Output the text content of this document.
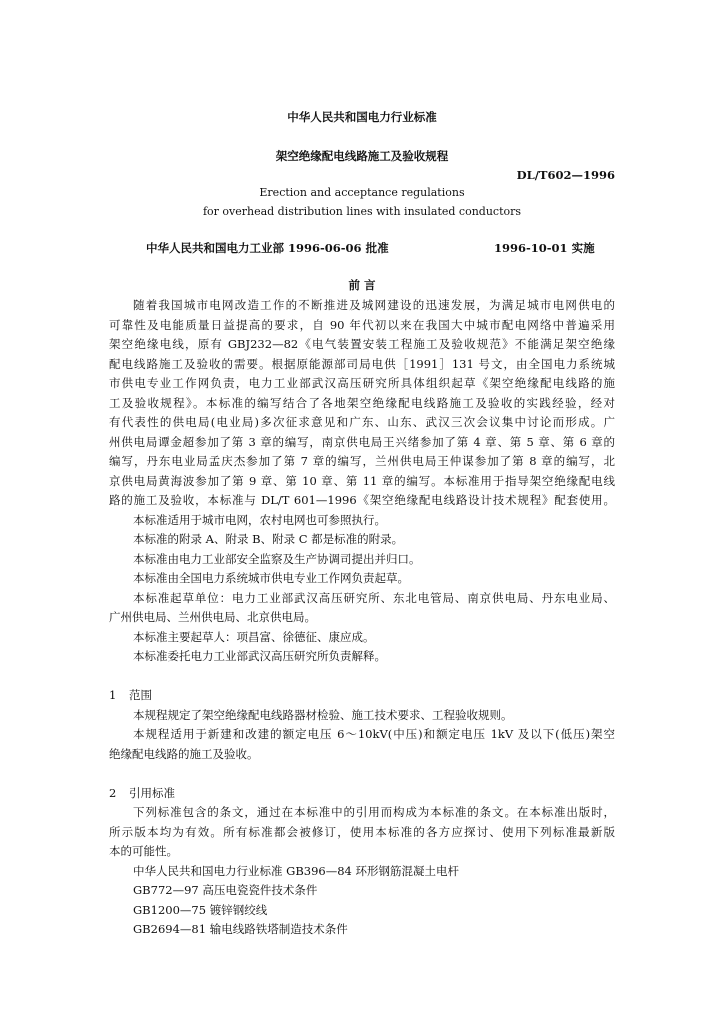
中华人民共和国电力行业标准
架空绝缘配电线路施工及验收规程
DL/T602—1996
Erection and acceptance regulations
for overhead distribution lines with insulated conductors
中华人民共和国电力工业部 1996-06-06 批准	1996-10-01 实施
前 言
随着我国城市电网改造工作的不断推进及城网建设的迅速发展，为满足城市电网供电的
可靠性及电能质量日益提高的要求，自 90 年代初以来在我国大中城市配电网络中普遍采用
架空绝缘电线，原有 GBJ232—82《电气装置安装工程施工及验收规范》不能满足架空绝缘
配电线路施工及验收的需要。根据原能源部司局电供［1991］131 号文，由全国电力系统城
市供电专业工作网负责，电力工业部武汉高压研究所具体组织起草《架空绝缘配电线路的施
工及验收规程》。本标准的编写结合了各地架空绝缘配电线路施工及验收的实践经验，经对
有代表性的供电局(电业局)多次征求意见和广东、山东、武汉三次会议集中讨论而形成。广
州供电局谭金超参加了第 3 章的编写，南京供电局王兴绪参加了第 4 章、第 5 章、第 6 章的
编写，丹东电业局孟庆杰参加了第 7 章的编写，兰州供电局王仲谋参加了第 8 章的编写，北
京供电局黄海波参加了第 9 章、第 10 章、第 11 章的编写。本标准用于指导架空绝缘配电线
路的施工及验收，本标准与 DL/T 601—1996《架空绝缘配电线路设计技术规程》配套使用。
本标准适用于城市电网，农村电网也可参照执行。
本标准的附录 A、附录 B、附录 C 都是标准的附录。
本标准由电力工业部安全监察及生产协调司提出并归口。
本标准由全国电力系统城市供电专业工作网负责起草。
本标准起草单位：电力工业部武汉高压研究所、东北电管局、南京供电局、丹东电业局、
广州供电局、兰州供电局、北京供电局。
本标准主要起草人：项昌富、徐德征、康应成。
本标准委托电力工业部武汉高压研究所负责解释。
1 范围
本规程规定了架空绝缘配电线路器材检验、施工技术要求、工程验收规则。
本规程适用于新建和改建的额定电压 6～10kV(中压)和额定电压 1kV 及以下(低压)架空
绝缘配电线路的施工及验收。
2 引用标准
下列标准包含的条文，通过在本标准中的引用而构成为本标准的条文。在本标准出版时，
所示版本均为有效。所有标准都会被修订，使用本标准的各方应探讨、使用下列标准最新版
本的可能性。
中华人民共和国电力行业标准 GB396—84 环形钢筋混凝土电杆
GB772—97 高压电瓷瓷件技术条件
GB1200—75 镀锌钢绞线
GB2694—81 输电线路铁塔制造技术条件
